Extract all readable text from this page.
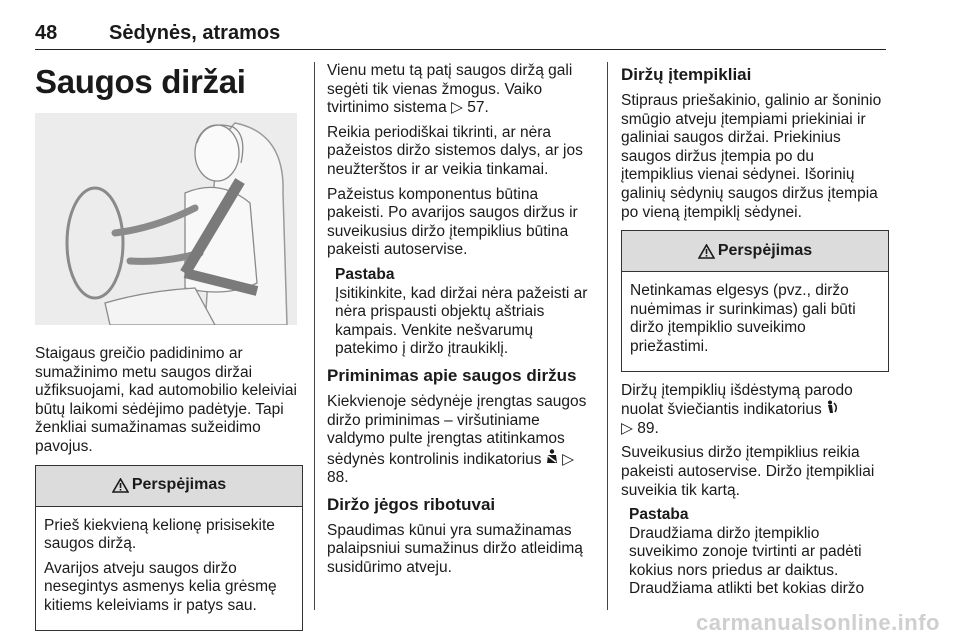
48	Sėdynės, atramos
Saugos diržai

Staigaus greičio padidinimo ar sumažinimo metu saugos diržai užfiksuojami, kad automobilio keleiviai būtų laikomi sėdėjimo padėtyje. Tapi ženkliai sumažinamas sužeidimo pavojus.

Perspėjimas

Prieš kiekvieną kelionę prisisekite saugos diržą.

Avarijos atveju saugos diržo nesegintys asmenys kelia grėsmę kitiems keleiviams ir patys sau.

Vienu metu tą patį saugos diržą gali segėti tik vienas žmogus. Vaiko tvirtinimo sistema ▷ 57.

Reikia periodiškai tikrinti, ar nėra pažeistos diržo sistemos dalys, ar jos neužterštos ir ar veikia tinkamai.

Pažeistus komponentus būtina pakeisti. Po avarijos saugos diržus ir suveikusius diržo įtempiklius būtina pakeisti autoservise.

Pastaba
Įsitikinkite, kad diržai nėra pažeisti ar nėra prispausti objektų aštriais kampais. Venkite nešvarumų patekimo į diržo įtraukiklį.
Priminimas apie saugos diržus

Kiekvienoje sėdynėje įrengtas saugos diržo priminimas – viršutiniame valdymo pulte įrengtas atitinkamos sėdynės kontrolinis indikatorius ▷ 88.

Diržo jėgos ribotuvai

Spaudimas kūnui yra sumažinamas palaipsniui sumažinus diržo atleidimą susidūrimo atveju.

Diržų įtempikliai

Stipraus priešakinio, galinio ar šoninio smūgio atveju įtempiami priekiniai ir galiniai saugos diržai. Priekinius saugos diržus įtempia po du įtempiklius vienai sėdynei. Išorinių galinių sėdynių saugos diržus įtempia po vieną įtempiklį sėdynei.

Perspėjimas

Netinkamas elgesys (pvz., diržo nuėmimas ir surinkimas) gali būti diržo įtempiklio suveikimo priežastimi.

Diržų įtempiklių išdėstymą parodo nuolat šviečiantis indikatorius
▷ 89.

Suveikusius diržo įtempiklius reikia pakeisti autoservise. Diržo įtempikliai suveikia tik kartą.

Pastaba
Draudžiama diržo įtempiklio suveikimo zonoje tvirtinti ar padėti kokius nors priedus ar daiktus. Draudžiama atlikti bet kokias diržo
carmanualsonline.info
